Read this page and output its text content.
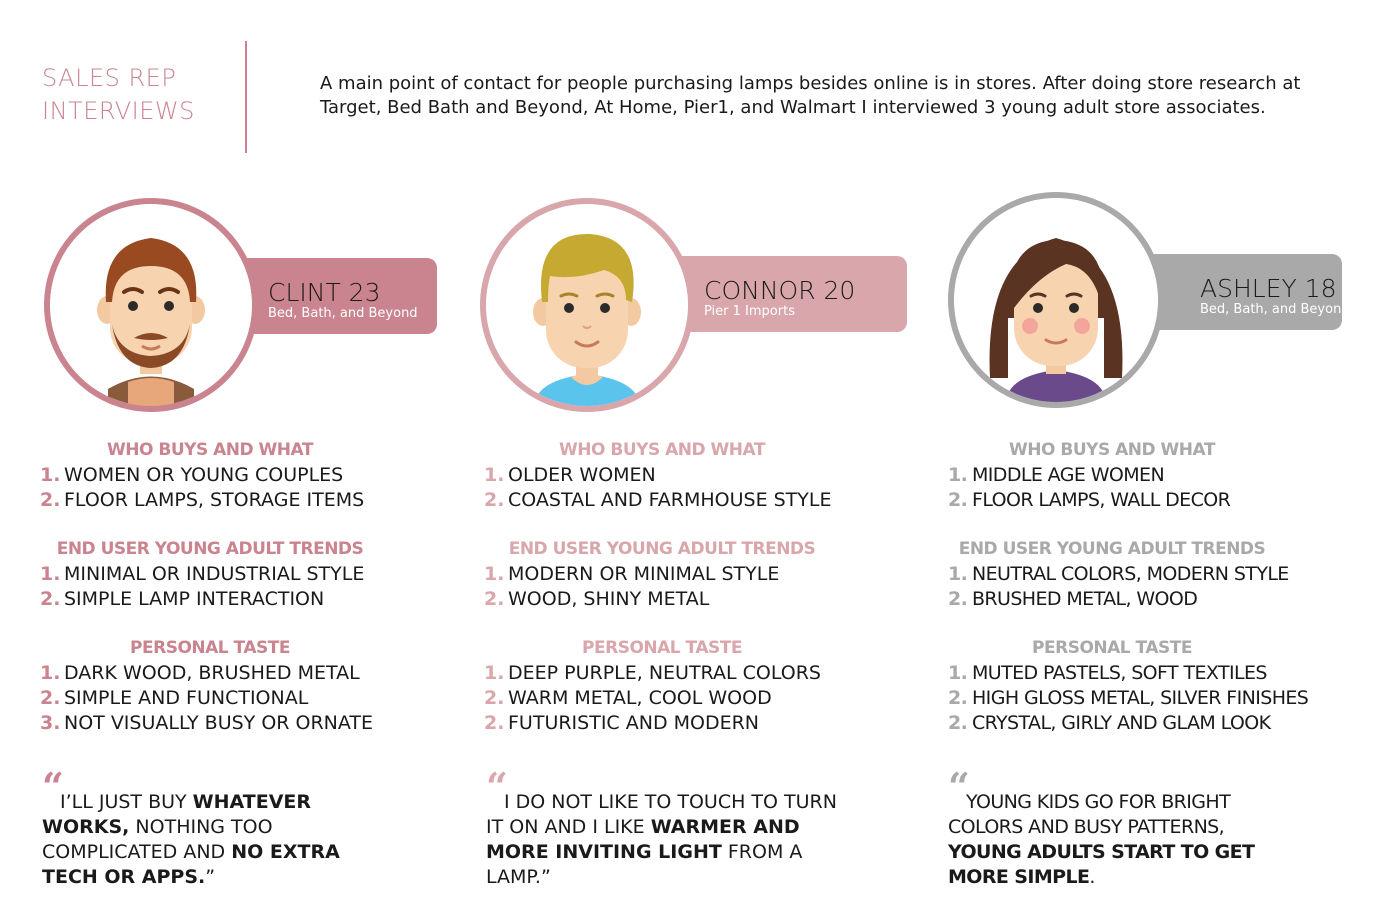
SALES REP
INTERVIEWS

A main point of contact for people purchasing lamps besides online is in stores. After doing store research at Target, Bed Bath and Beyond, At Home, Pier1, and Walmart I interviewed 3 young adult store associates.

CLINT 23
Bed, Bath, and Beyond
WHO BUYS AND WHAT
1. WOMEN OR YOUNG COUPLES
2. FLOOR LAMPS, STORAGE ITEMS
END USER YOUNG ADULT TRENDS
1. MINIMAL OR INDUSTRIAL STYLE
2. SIMPLE LAMP INTERACTION
PERSONAL TASTE
1. DARK WOOD, BRUSHED METAL
2. SIMPLE AND FUNCTIONAL
3. NOT VISUALLY BUSY OR ORNATE
“

I’LL JUST BUY WHATEVER WORKS, NOTHING TOO COMPLICATED AND NO EXTRA TECH OR APPS.”

CONNOR 20
Pier 1 Imports
WHO BUYS AND WHAT
1. OLDER WOMEN
2. COASTAL AND FARMHOUSE STYLE
END USER YOUNG ADULT TRENDS
1. MODERN OR MINIMAL STYLE
2. WOOD, SHINY METAL
PERSONAL TASTE
1. DEEP PURPLE, NEUTRAL COLORS
2. WARM METAL, COOL WOOD
2. FUTURISTIC AND MODERN
“

I DO NOT LIKE TO TOUCH TO TURN IT ON AND I LIKE WARMER AND MORE INVITING LIGHT FROM A LAMP.”

ASHLEY 18
Bed, Bath, and Beyond
WHO BUYS AND WHAT
1. MIDDLE AGE WOMEN
2. FLOOR LAMPS, WALL DECOR
END USER YOUNG ADULT TRENDS
1. NEUTRAL COLORS, MODERN STYLE
2. BRUSHED METAL, WOOD
PERSONAL TASTE
1. MUTED PASTELS, SOFT TEXTILES
2. HIGH GLOSS METAL, SILVER FINISHES
2. CRYSTAL, GIRLY AND GLAM LOOK
“

YOUNG KIDS GO FOR BRIGHT COLORS AND BUSY PATTERNS, YOUNG ADULTS START TO GET MORE SIMPLE.
